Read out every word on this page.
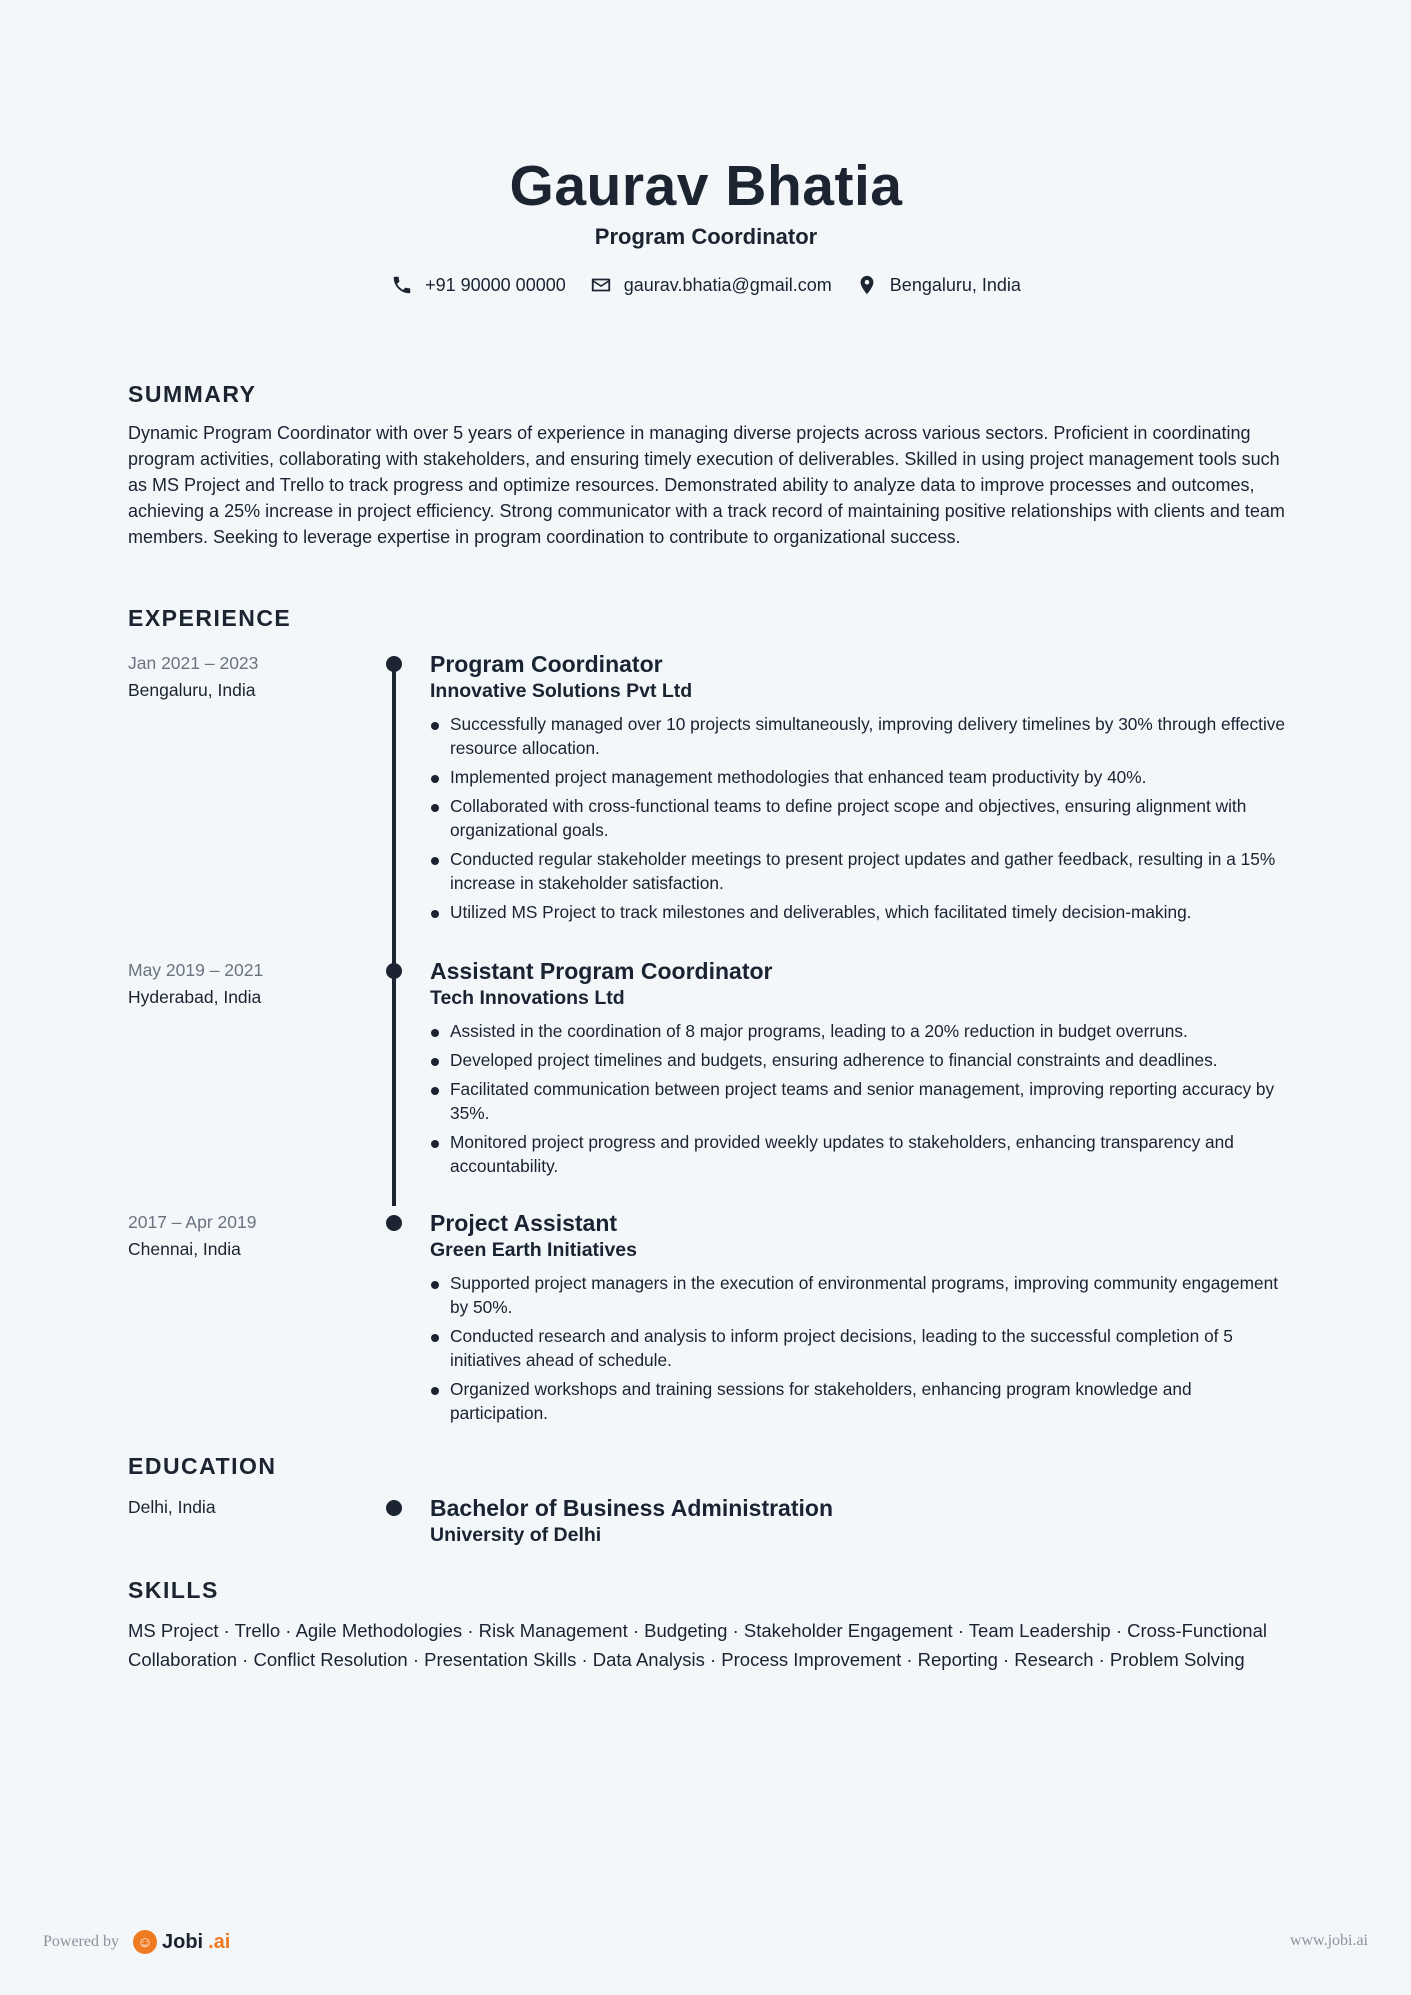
Gaurav Bhatia
Program Coordinator
+91 90000 00000	gaurav.bhatia@gmail.com	Bengaluru, India
SUMMARY
Dynamic Program Coordinator with over 5 years of experience in managing diverse projects across various sectors. Proficient in coordinating program activities, collaborating with stakeholders, and ensuring timely execution of deliverables. Skilled in using project management tools such as MS Project and Trello to track progress and optimize resources. Demonstrated ability to analyze data to improve processes and outcomes, achieving a 25% increase in project efficiency. Strong communicator with a track record of maintaining positive relationships with clients and team members. Seeking to leverage expertise in program coordination to contribute to organizational success.
EXPERIENCE
Jan 2021 – 2023
Bengaluru, India
Program Coordinator
Innovative Solutions Pvt Ltd
Successfully managed over 10 projects simultaneously, improving delivery timelines by 30% through effective resource allocation.
Implemented project management methodologies that enhanced team productivity by 40%.
Collaborated with cross-functional teams to define project scope and objectives, ensuring alignment with organizational goals.
Conducted regular stakeholder meetings to present project updates and gather feedback, resulting in a 15% increase in stakeholder satisfaction.
Utilized MS Project to track milestones and deliverables, which facilitated timely decision-making.
May 2019 – 2021
Hyderabad, India
Assistant Program Coordinator
Tech Innovations Ltd
Assisted in the coordination of 8 major programs, leading to a 20% reduction in budget overruns.
Developed project timelines and budgets, ensuring adherence to financial constraints and deadlines.
Facilitated communication between project teams and senior management, improving reporting accuracy by 35%.
Monitored project progress and provided weekly updates to stakeholders, enhancing transparency and accountability.
2017 – Apr 2019
Chennai, India
Project Assistant
Green Earth Initiatives
Supported project managers in the execution of environmental programs, improving community engagement by 50%.
Conducted research and analysis to inform project decisions, leading to the successful completion of 5 initiatives ahead of schedule.
Organized workshops and training sessions for stakeholders, enhancing program knowledge and participation.
EDUCATION
Delhi, India	Bachelor of Business Administration
University of Delhi
SKILLS
MS Project · Trello · Agile Methodologies · Risk Management · Budgeting · Stakeholder Engagement · Team Leadership · Cross-Functional Collaboration · Conflict Resolution · Presentation Skills · Data Analysis · Process Improvement · Reporting · Research · Problem Solving
Powered by ☺ Jobi .ai	www.jobi.ai
